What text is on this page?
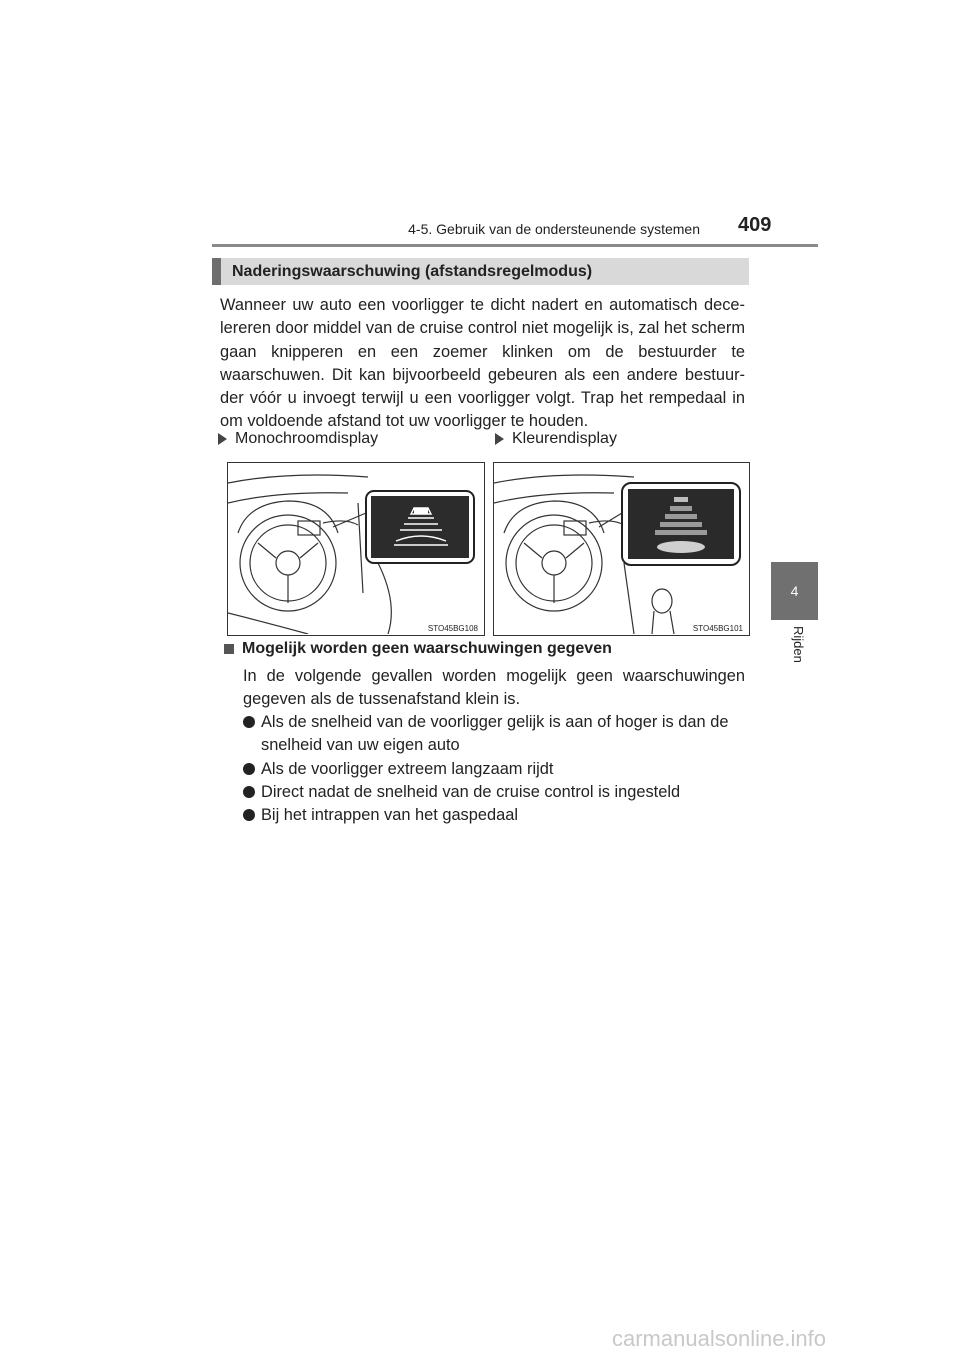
4-5. Gebruik van de ondersteunende systemen 409
4
Rijden
Naderingswaarschuwing (afstandsregelmodus)
Wanneer uw auto een voorligger te dicht nadert en automatisch dece- lereren door middel van de cruise control niet mogelijk is, zal het scherm gaan knipperen en een zoemer klinken om de bestuurder te waarschuwen. Dit kan bijvoorbeeld gebeuren als een andere bestuur- der vóór u invoegt terwijl u een voorligger volgt. Trap het rempedaal in om voldoende afstand tot uw voorligger te houden.
Monochroomdisplay	Kleurendisplay
STO45BG108	STO45BG101
Mogelijk worden geen waarschuwingen gegeven
In de volgende gevallen worden mogelijk geen waarschuwingen gegeven als de tussenafstand klein is.
Als de snelheid van de voorligger gelijk is aan of hoger is dan de snelheid van uw eigen auto
Als de voorligger extreem langzaam rijdt
Direct nadat de snelheid van de cruise control is ingesteld
Bij het intrappen van het gaspedaal
carmanualsonline.info
